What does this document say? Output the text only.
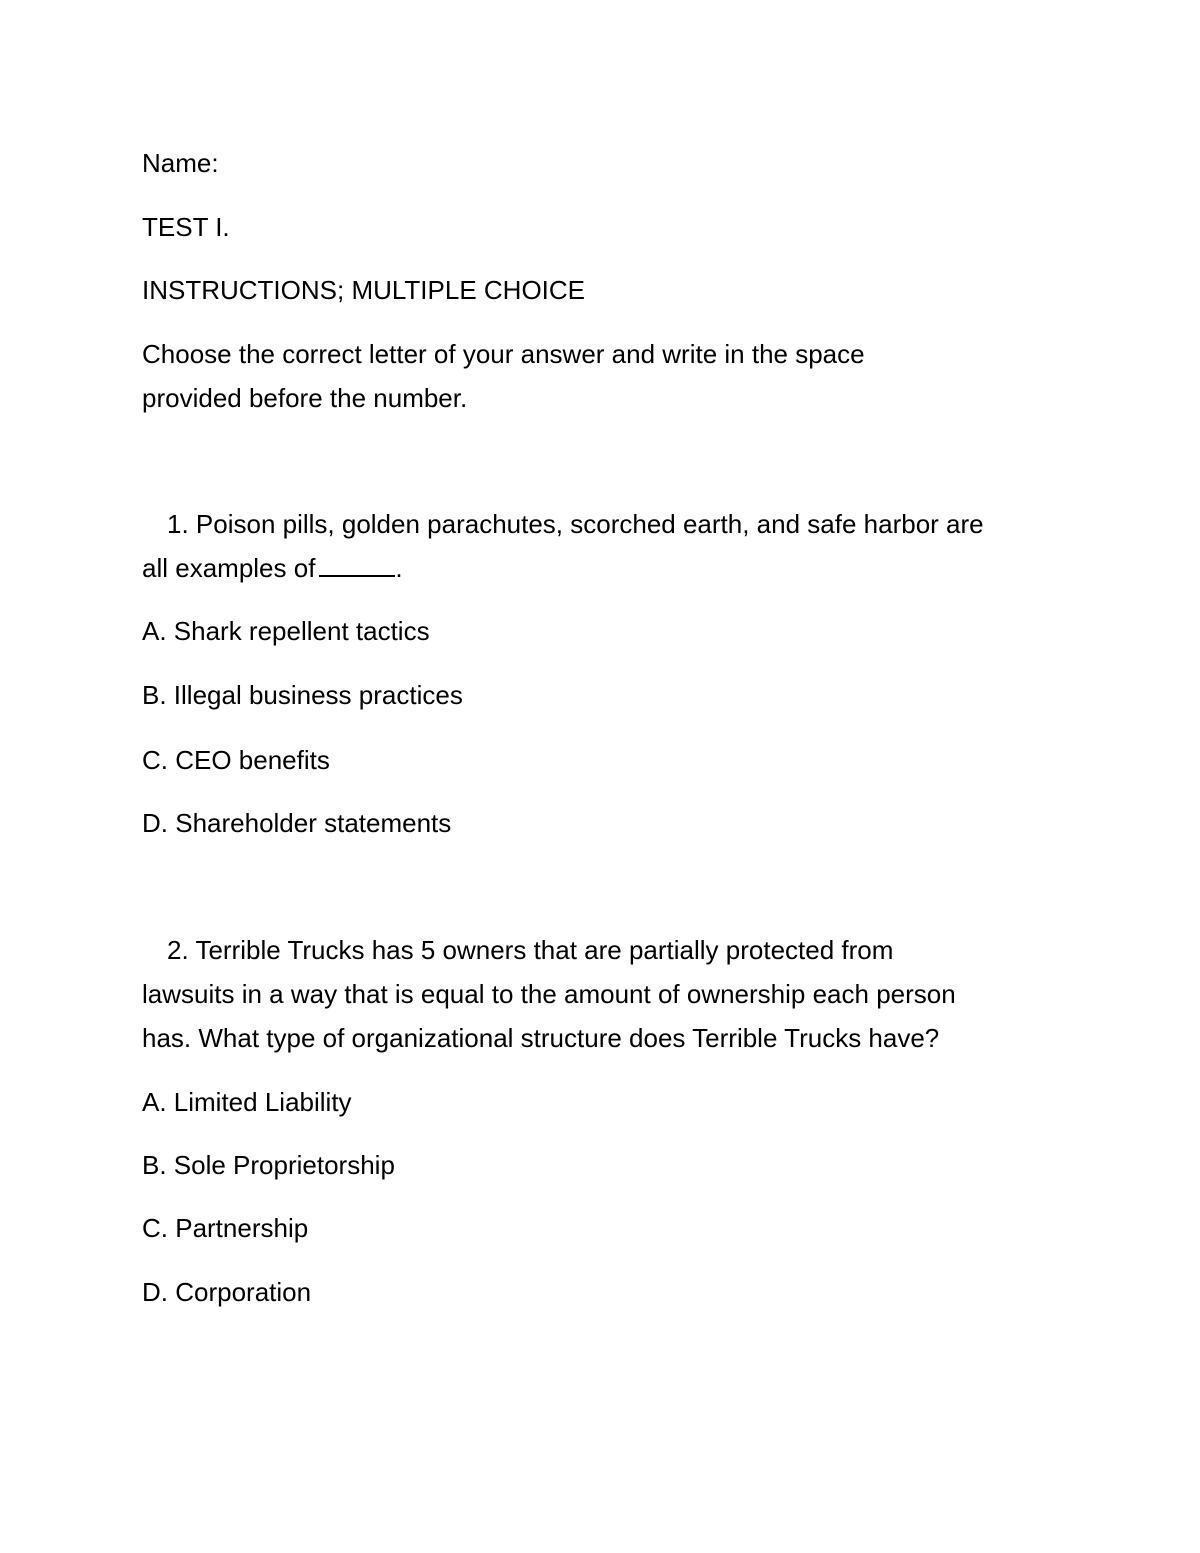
Name:
TEST I.
INSTRUCTIONS; MULTIPLE CHOICE
Choose the correct letter of your answer and write in the space
provided before the number.
1. Poison pills, golden parachutes, scorched earth, and safe harbor are
all examples of	.
A. Shark repellent tactics
B. Illegal business practices
C. CEO benefits
D. Shareholder statements
2. Terrible Trucks has 5 owners that are partially protected from
lawsuits in a way that is equal to the amount of ownership each person
has. What type of organizational structure does Terrible Trucks have?
A. Limited Liability
B. Sole Proprietorship
C. Partnership
D. Corporation
